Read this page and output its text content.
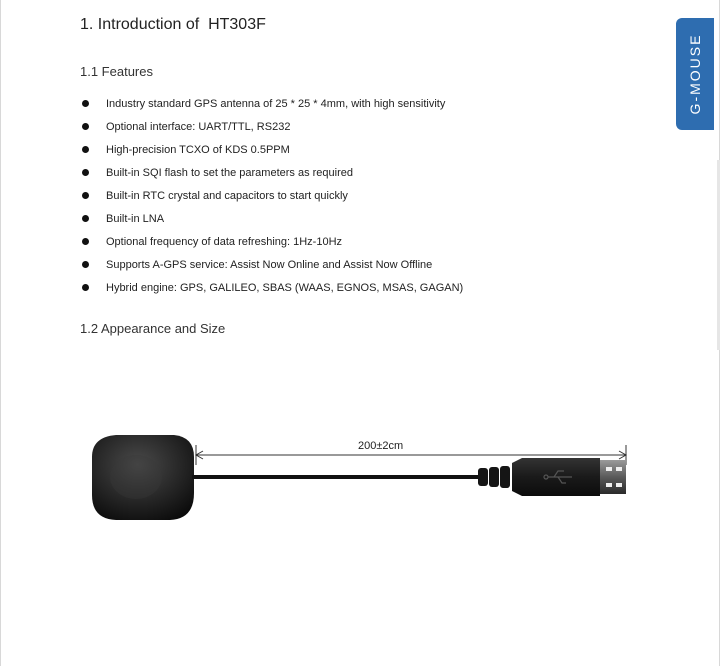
1. Introduction of  HT303F
G-MOUSE
1.1 Features
Industry standard GPS antenna of 25 * 25 * 4mm, with high sensitivity
Optional interface: UART/TTL, RS232
High-precision TCXO of KDS 0.5PPM
Built-in SQI flash to set the parameters as required
Built-in RTC crystal and capacitors to start quickly
Built-in LNA
Optional frequency of data refreshing: 1Hz-10Hz
Supports A-GPS service: Assist Now Online and Assist Now Offline
Hybrid engine: GPS, GALILEO, SBAS (WAAS, EGNOS, MSAS, GAGAN)
1.2 Appearance and Size
200±2cm
